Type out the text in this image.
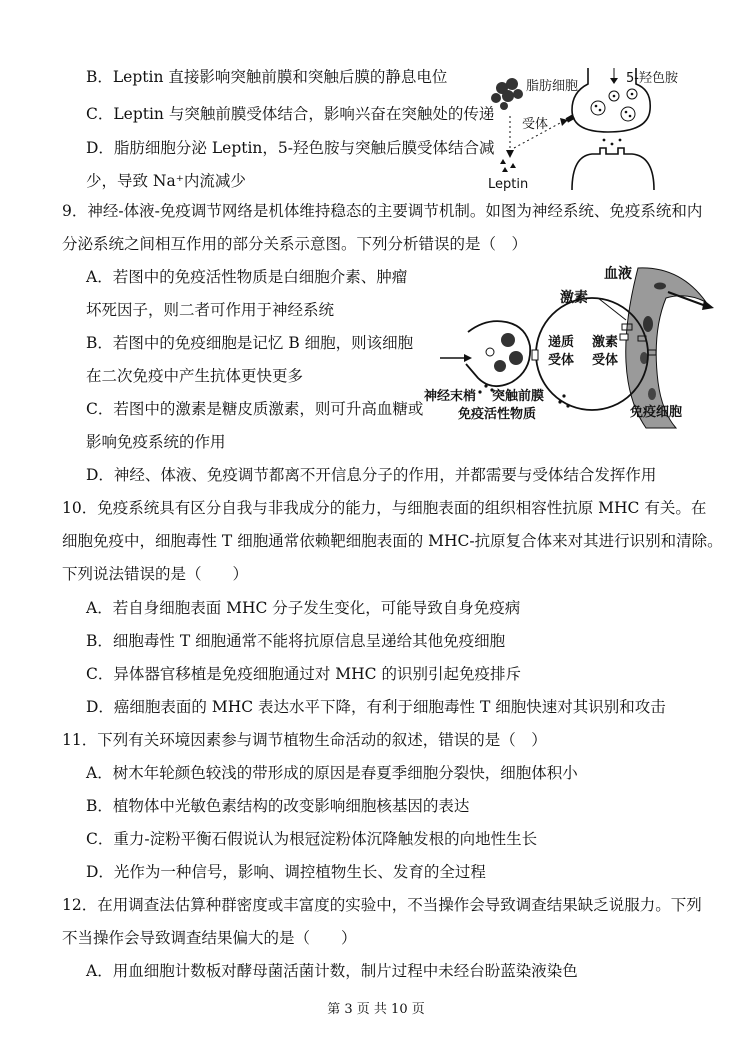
B．Leptin 直接影响突触前膜和突触后膜的静息电位
C．Leptin 与突触前膜受体结合，影响兴奋在突触处的传递
D．脂肪细胞分泌 Leptin，5-羟色胺与突触后膜受体结合减
少，导致 Na⁺内流减少
脂肪细胞
受体
Leptin
5-羟色胺
9．神经-体液-免疫调节网络是机体维持稳态的主要调节机制。如图为神经系统、免疫系统和内
分泌系统之间相互作用的部分关系示意图。下列分析错误的是（　）
A．若图中的免疫活性物质是白细胞介素、肿瘤
坏死因子，则二者可作用于神经系统
B．若图中的免疫细胞是记忆 B 细胞，则该细胞
在二次免疫中产生抗体更快更多
C．若图中的激素是糖皮质激素，则可升高血糖或
影响免疫系统的作用
D．神经、体液、免疫调节都离不开信息分子的作用，并都需要与受体结合发挥作用
血液
激素
递质
受体
激素
受体
神经末梢 突触前膜
免疫活性物质	免疫细胞
10．免疫系统具有区分自我与非我成分的能力，与细胞表面的组织相容性抗原 MHC 有关。在
细胞免疫中，细胞毒性 T 细胞通常依赖靶细胞表面的 MHC-抗原复合体来对其进行识别和清除。
下列说法错误的是（　　）
A．若自身细胞表面 MHC 分子发生变化，可能导致自身免疫病
B．细胞毒性 T 细胞通常不能将抗原信息呈递给其他免疫细胞
C．异体器官移植是免疫细胞通过对 MHC 的识别引起免疫排斥
D．癌细胞表面的 MHC 表达水平下降，有利于细胞毒性 T 细胞快速对其识别和攻击
11．下列有关环境因素参与调节植物生命活动的叙述，错误的是（　）
A．树木年轮颜色较浅的带形成的原因是春夏季细胞分裂快，细胞体积小
B．植物体中光敏色素结构的改变影响细胞核基因的表达
C．重力-淀粉平衡石假说认为根冠淀粉体沉降触发根的向地性生长
D．光作为一种信号，影响、调控植物生长、发育的全过程
12．在用调查法估算种群密度或丰富度的实验中，不当操作会导致调查结果缺乏说服力。下列
不当操作会导致调查结果偏大的是（　　）
A．用血细胞计数板对酵母菌活菌计数，制片过程中未经台盼蓝染液染色
第 3 页 共 10 页
